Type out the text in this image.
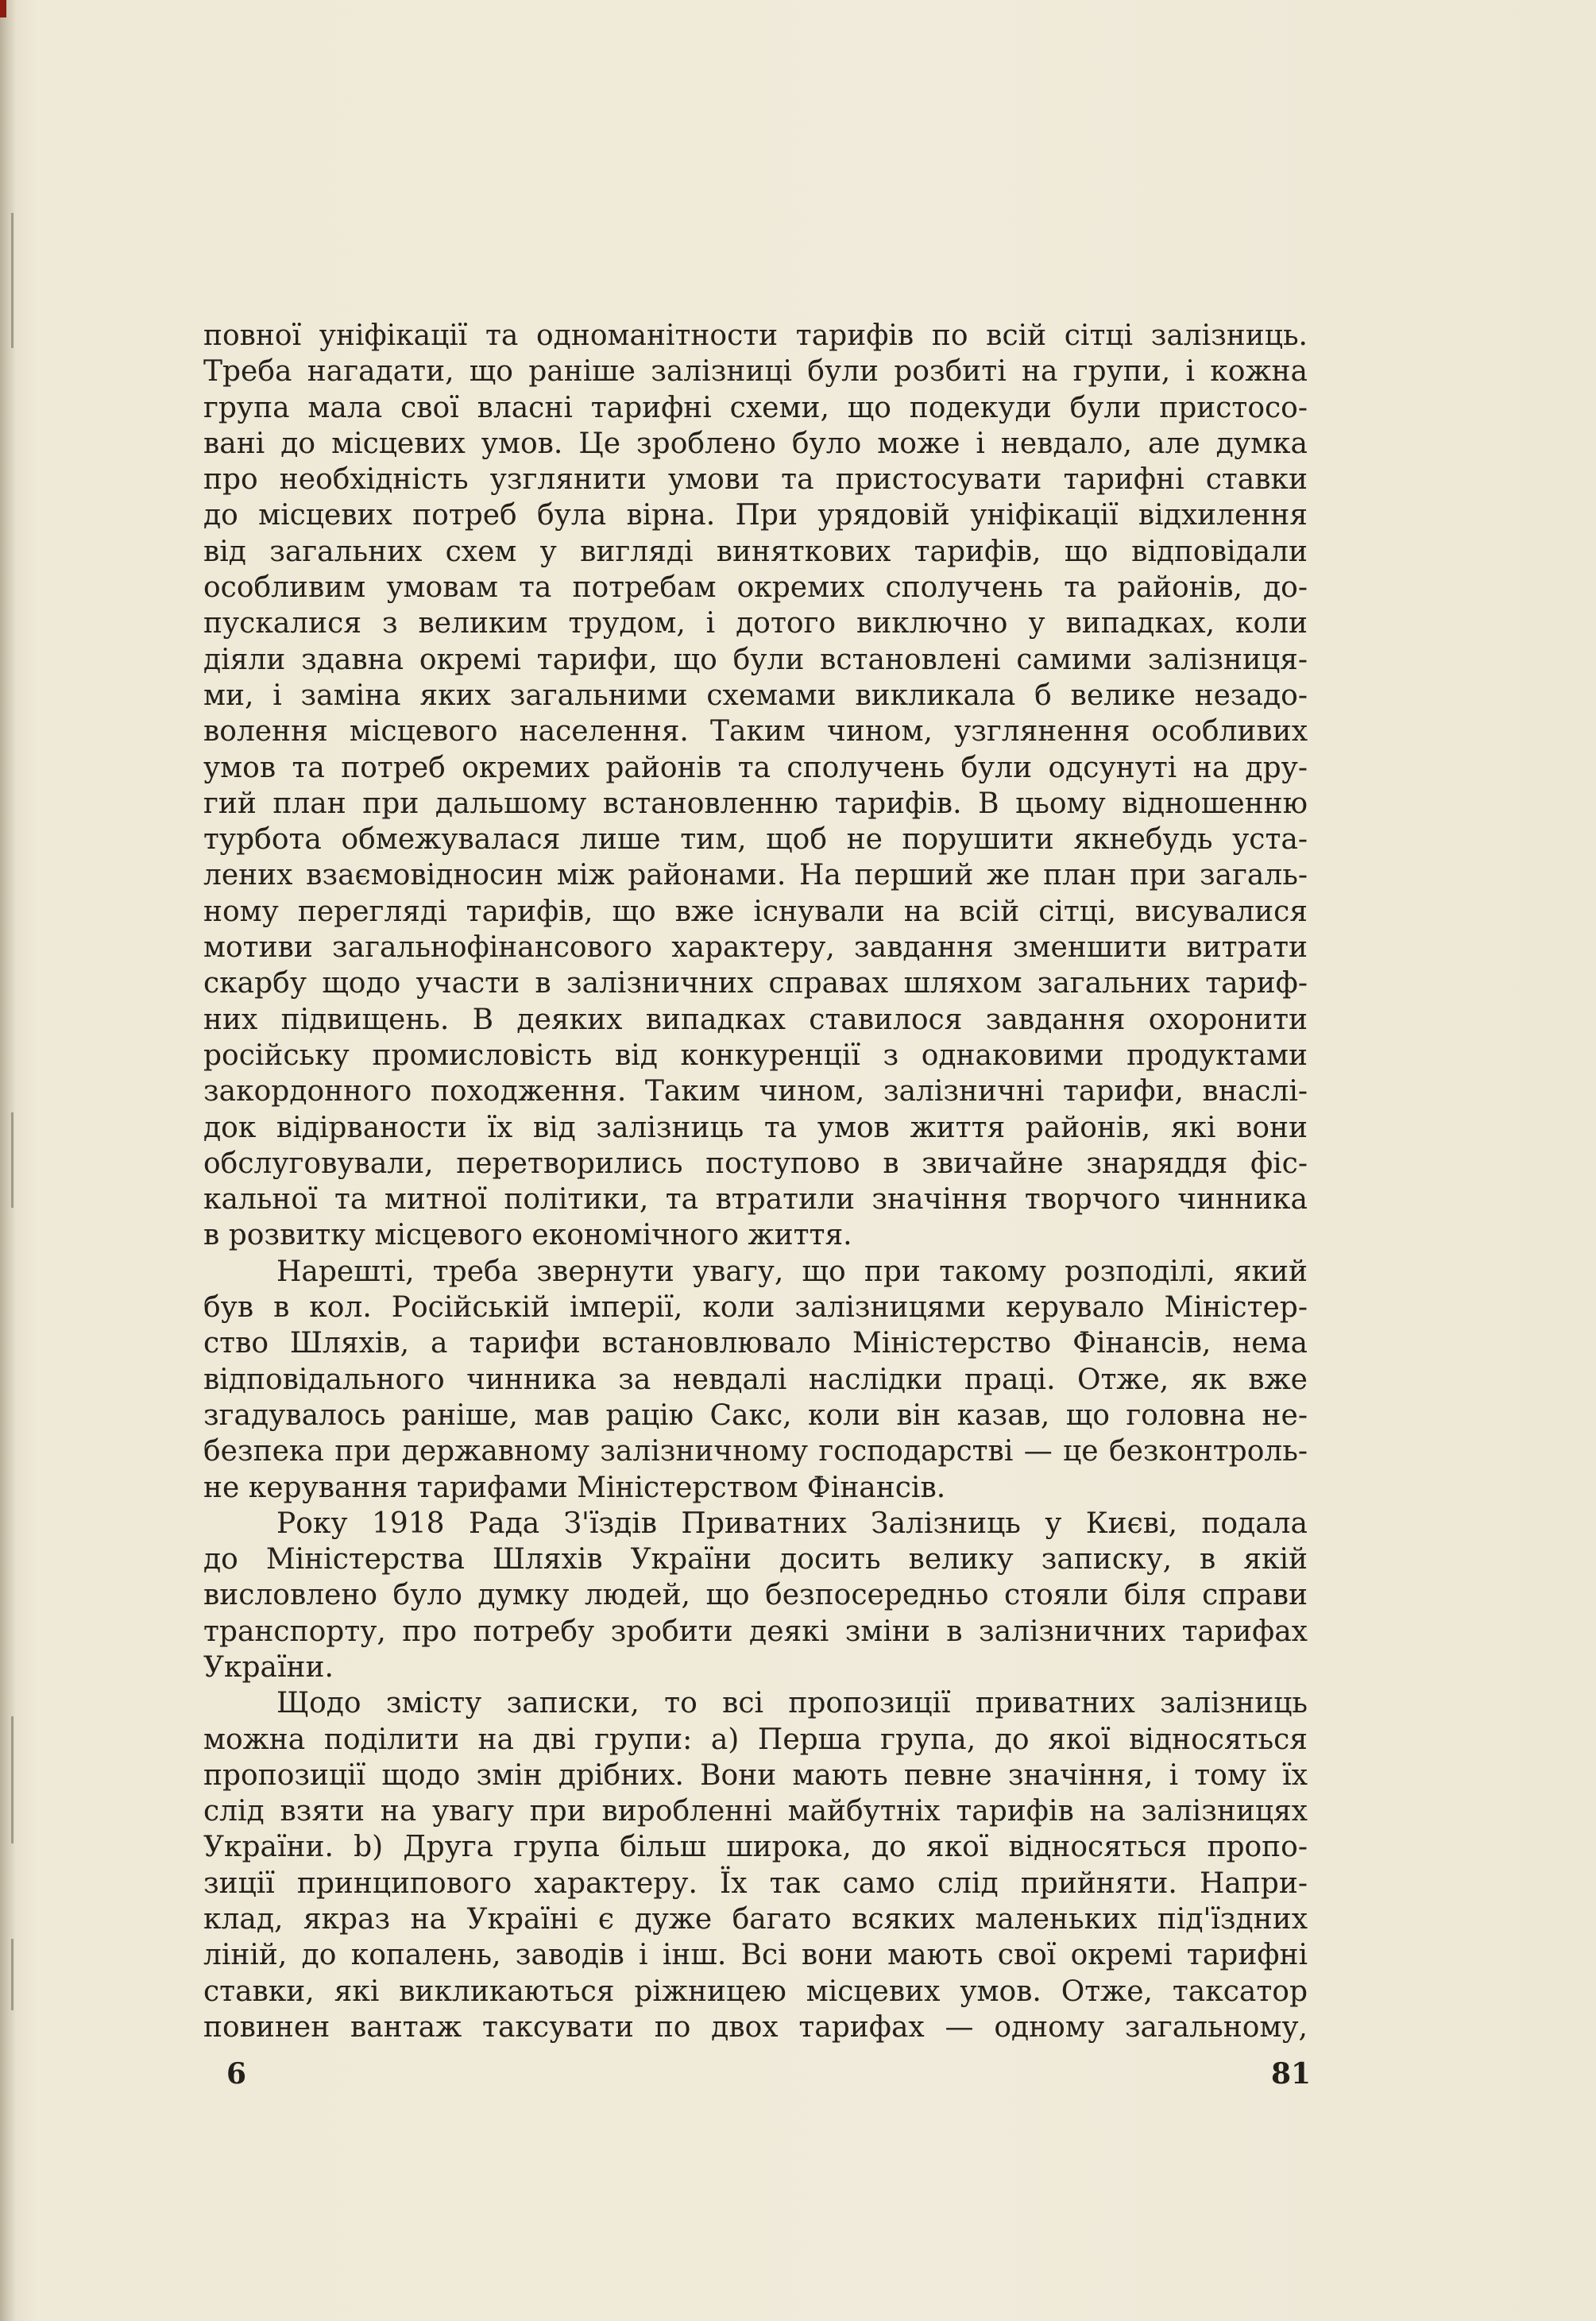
повної уніфікації та одноманітности тарифів по всій сітці залізниць.
Треба нагадати, що раніше залізниці були розбиті на групи, і кожна
група мала свої власні тарифні схеми, що подекуди були пристосо-
вані до місцевих умов. Це зроблено було може і невдало, але думка
про необхідність узглянити умови та пристосувати тарифні ставки
до місцевих потреб була вірна. При урядовій уніфікації відхилення
від загальних схем у вигляді виняткових тарифів, що відповідали
особливим умовам та потребам окремих сполучень та районів, до-
пускалися з великим трудом, і дотого виключно у випадках, коли
діяли здавна окремі тарифи, що були встановлені самими залізниця-
ми, і заміна яких загальними схемами викликала б велике незадо-
волення місцевого населення. Таким чином, узглянення особливих
умов та потреб окремих районів та сполучень були одсунуті на дру-
гий план при дальшому встановленню тарифів. В цьому відношенню
турбота обмежувалася лише тим, щоб не порушити якнебудь уста-
лених взаємовідносин між районами. На перший же план при загаль-
ному перегляді тарифів, що вже існували на всій сітці, висувалися
мотиви загальнофінансового характеру, завдання зменшити витрати
скарбу щодо участи в залізничних справах шляхом загальних тариф-
них підвищень. В деяких випадках ставилося завдання охоронити
російську промисловість від конкуренції з однаковими продуктами
закордонного походження. Таким чином, залізничні тарифи, внаслі-
док відірваности їх від залізниць та умов життя районів, які вони
обслуговували, перетворились поступово в звичайне знаряддя фіс-
кальної та митної політики, та втратили значіння творчого чинника
в розвитку місцевого економічного життя.
Нарешті, треба звернути увагу, що при такому розподілі, який
був в кол. Російській імперії, коли залізницями керувало Міністер-
ство Шляхів, а тарифи встановлювало Міністерство Фінансів, нема
відповідального чинника за невдалі наслідки праці. Отже, як вже
згадувалось раніше, мав рацію Сакс, коли він казав, що головна не-
безпека при державному залізничному господарстві — це безконтроль-
не керування тарифами Міністерством Фінансів.
Року 1918 Рада З'їздів Приватних Залізниць у Києві, подала
до Міністерства Шляхів України досить велику записку, в якій
висловлено було думку людей, що безпосередньо стояли біля справи
транспорту, про потребу зробити деякі зміни в залізничних тарифах
України.
Щодо змісту записки, то всі пропозиції приватних залізниць
можна поділити на дві групи: а) Перша група, до якої відносяться
пропозиції щодо змін дрібних. Вони мають певне значіння, і тому їх
слід взяти на увагу при виробленні майбутніх тарифів на залізницях
України. b) Друга група більш широка, до якої відносяться пропо-
зиції принципового характеру. Їх так само слід прийняти. Напри-
клад, якраз на Україні є дуже багато всяких маленьких під'їздних
ліній, до копалень, заводів і інш. Всі вони мають свої окремі тарифні
ставки, які викликаються ріжницею місцевих умов. Отже, таксатор
повинен вантаж таксувати по двох тарифах — одному загальному,
6	81
